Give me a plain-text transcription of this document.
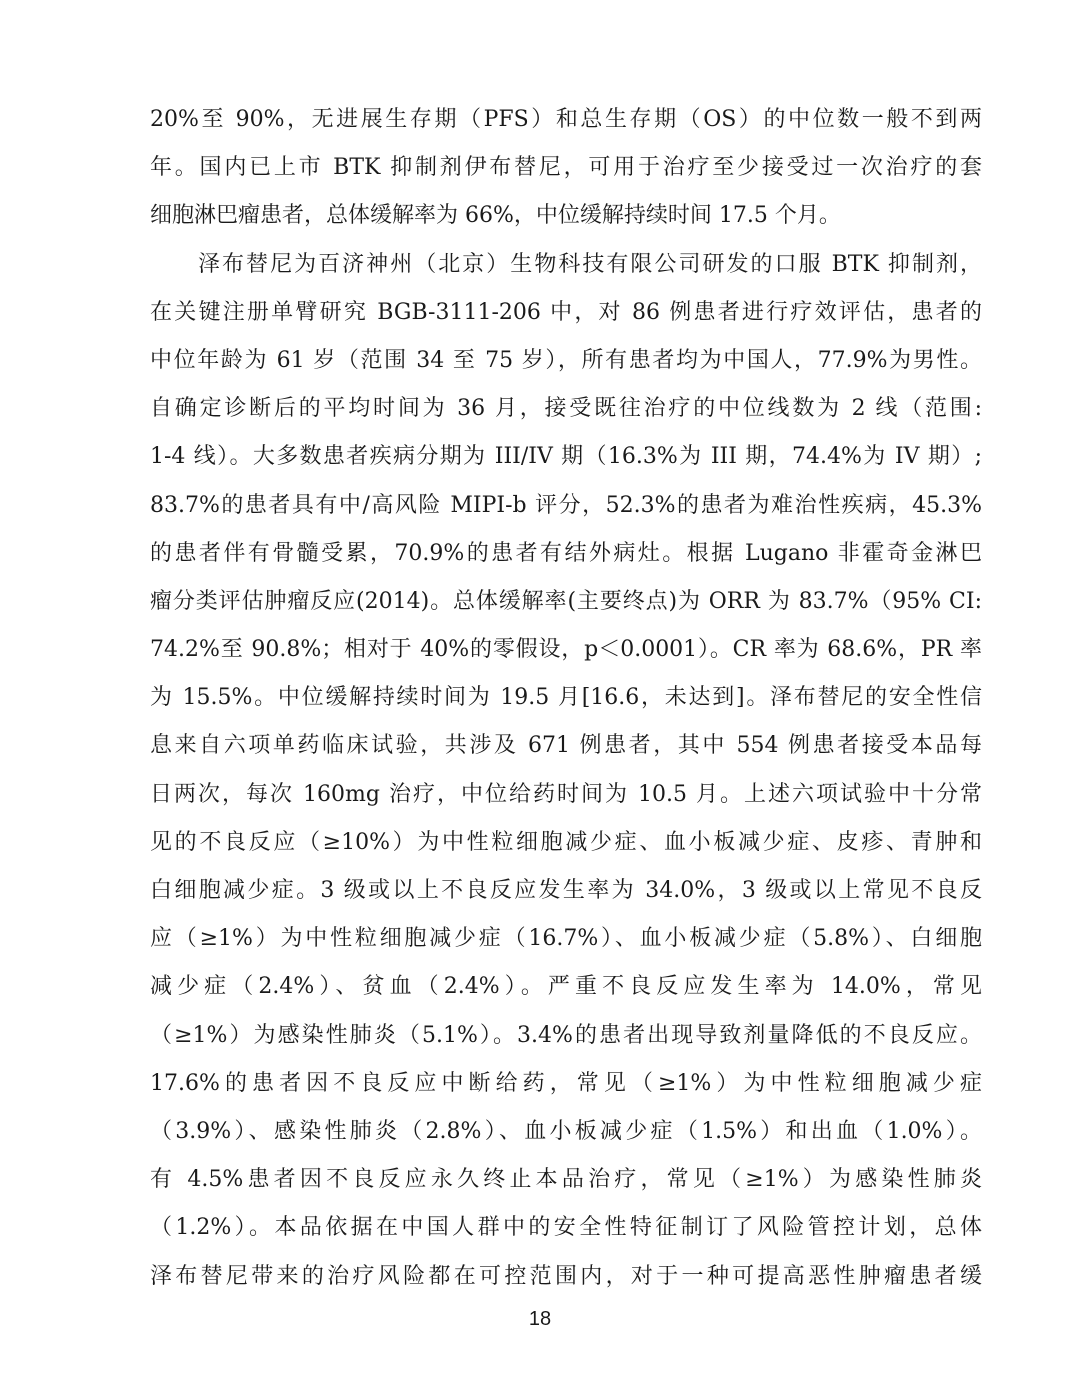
20%至 90%，无进展生存期（PFS）和总生存期（OS）的中位数一般不到两
年。国内已上市 BTK 抑制剂伊布替尼，可用于治疗至少接受过一次治疗的套
细胞淋巴瘤患者，总体缓解率为 66%，中位缓解持续时间 17.5 个月。
泽布替尼为百济神州（北京）生物科技有限公司研发的口服 BTK 抑制剂，
在关键注册单臂研究 BGB-3111-206 中，对 86 例患者进行疗效评估，患者的
中位年龄为 61 岁（范围 34 至 75 岁），所有患者均为中国人，77.9%为男性。
自确定诊断后的平均时间为 36 月，接受既往治疗的中位线数为 2 线（范围:
1-4 线）。大多数患者疾病分期为 III/IV 期（16.3%为 III 期，74.4%为 IV 期）;
83.7%的患者具有中/高风险 MIPI-b 评分，52.3%的患者为难治性疾病，45.3%
的患者伴有骨髓受累，70.9%的患者有结外病灶。根据 Lugano 非霍奇金淋巴
瘤分类评估肿瘤反应(2014)。总体缓解率(主要终点)为 ORR 为 83.7%（95% CI:
74.2%至 90.8%；相对于 40%的零假设，p＜0.0001）。CR 率为 68.6%，PR 率
为 15.5%。中位缓解持续时间为 19.5 月[16.6，未达到]。泽布替尼的安全性信
息来自六项单药临床试验，共涉及 671 例患者，其中 554 例患者接受本品每
日两次，每次 160mg 治疗，中位给药时间为 10.5 月。上述六项试验中十分常
见的不良反应（≥10%）为中性粒细胞减少症、血小板减少症、皮疹、青肿和
白细胞减少症。3 级或以上不良反应发生率为 34.0%，3 级或以上常见不良反
应（≥1%）为中性粒细胞减少症（16.7%）、血小板减少症（5.8%）、白细胞
减少症（2.4%）、贫血（2.4%）。严重不良反应发生率为 14.0%，常见
（≥1%）为感染性肺炎（5.1%）。3.4%的患者出现导致剂量降低的不良反应。
17.6%的患者因不良反应中断给药，常见（≥1%）为中性粒细胞减少症
（3.9%）、感染性肺炎（2.8%）、血小板减少症（1.5%）和出血（1.0%）。
有 4.5%患者因不良反应永久终止本品治疗，常见（≥1%）为感染性肺炎
（1.2%）。本品依据在中国人群中的安全性特征制订了风险管控计划，总体
泽布替尼带来的治疗风险都在可控范围内，对于一种可提高恶性肿瘤患者缓
18
